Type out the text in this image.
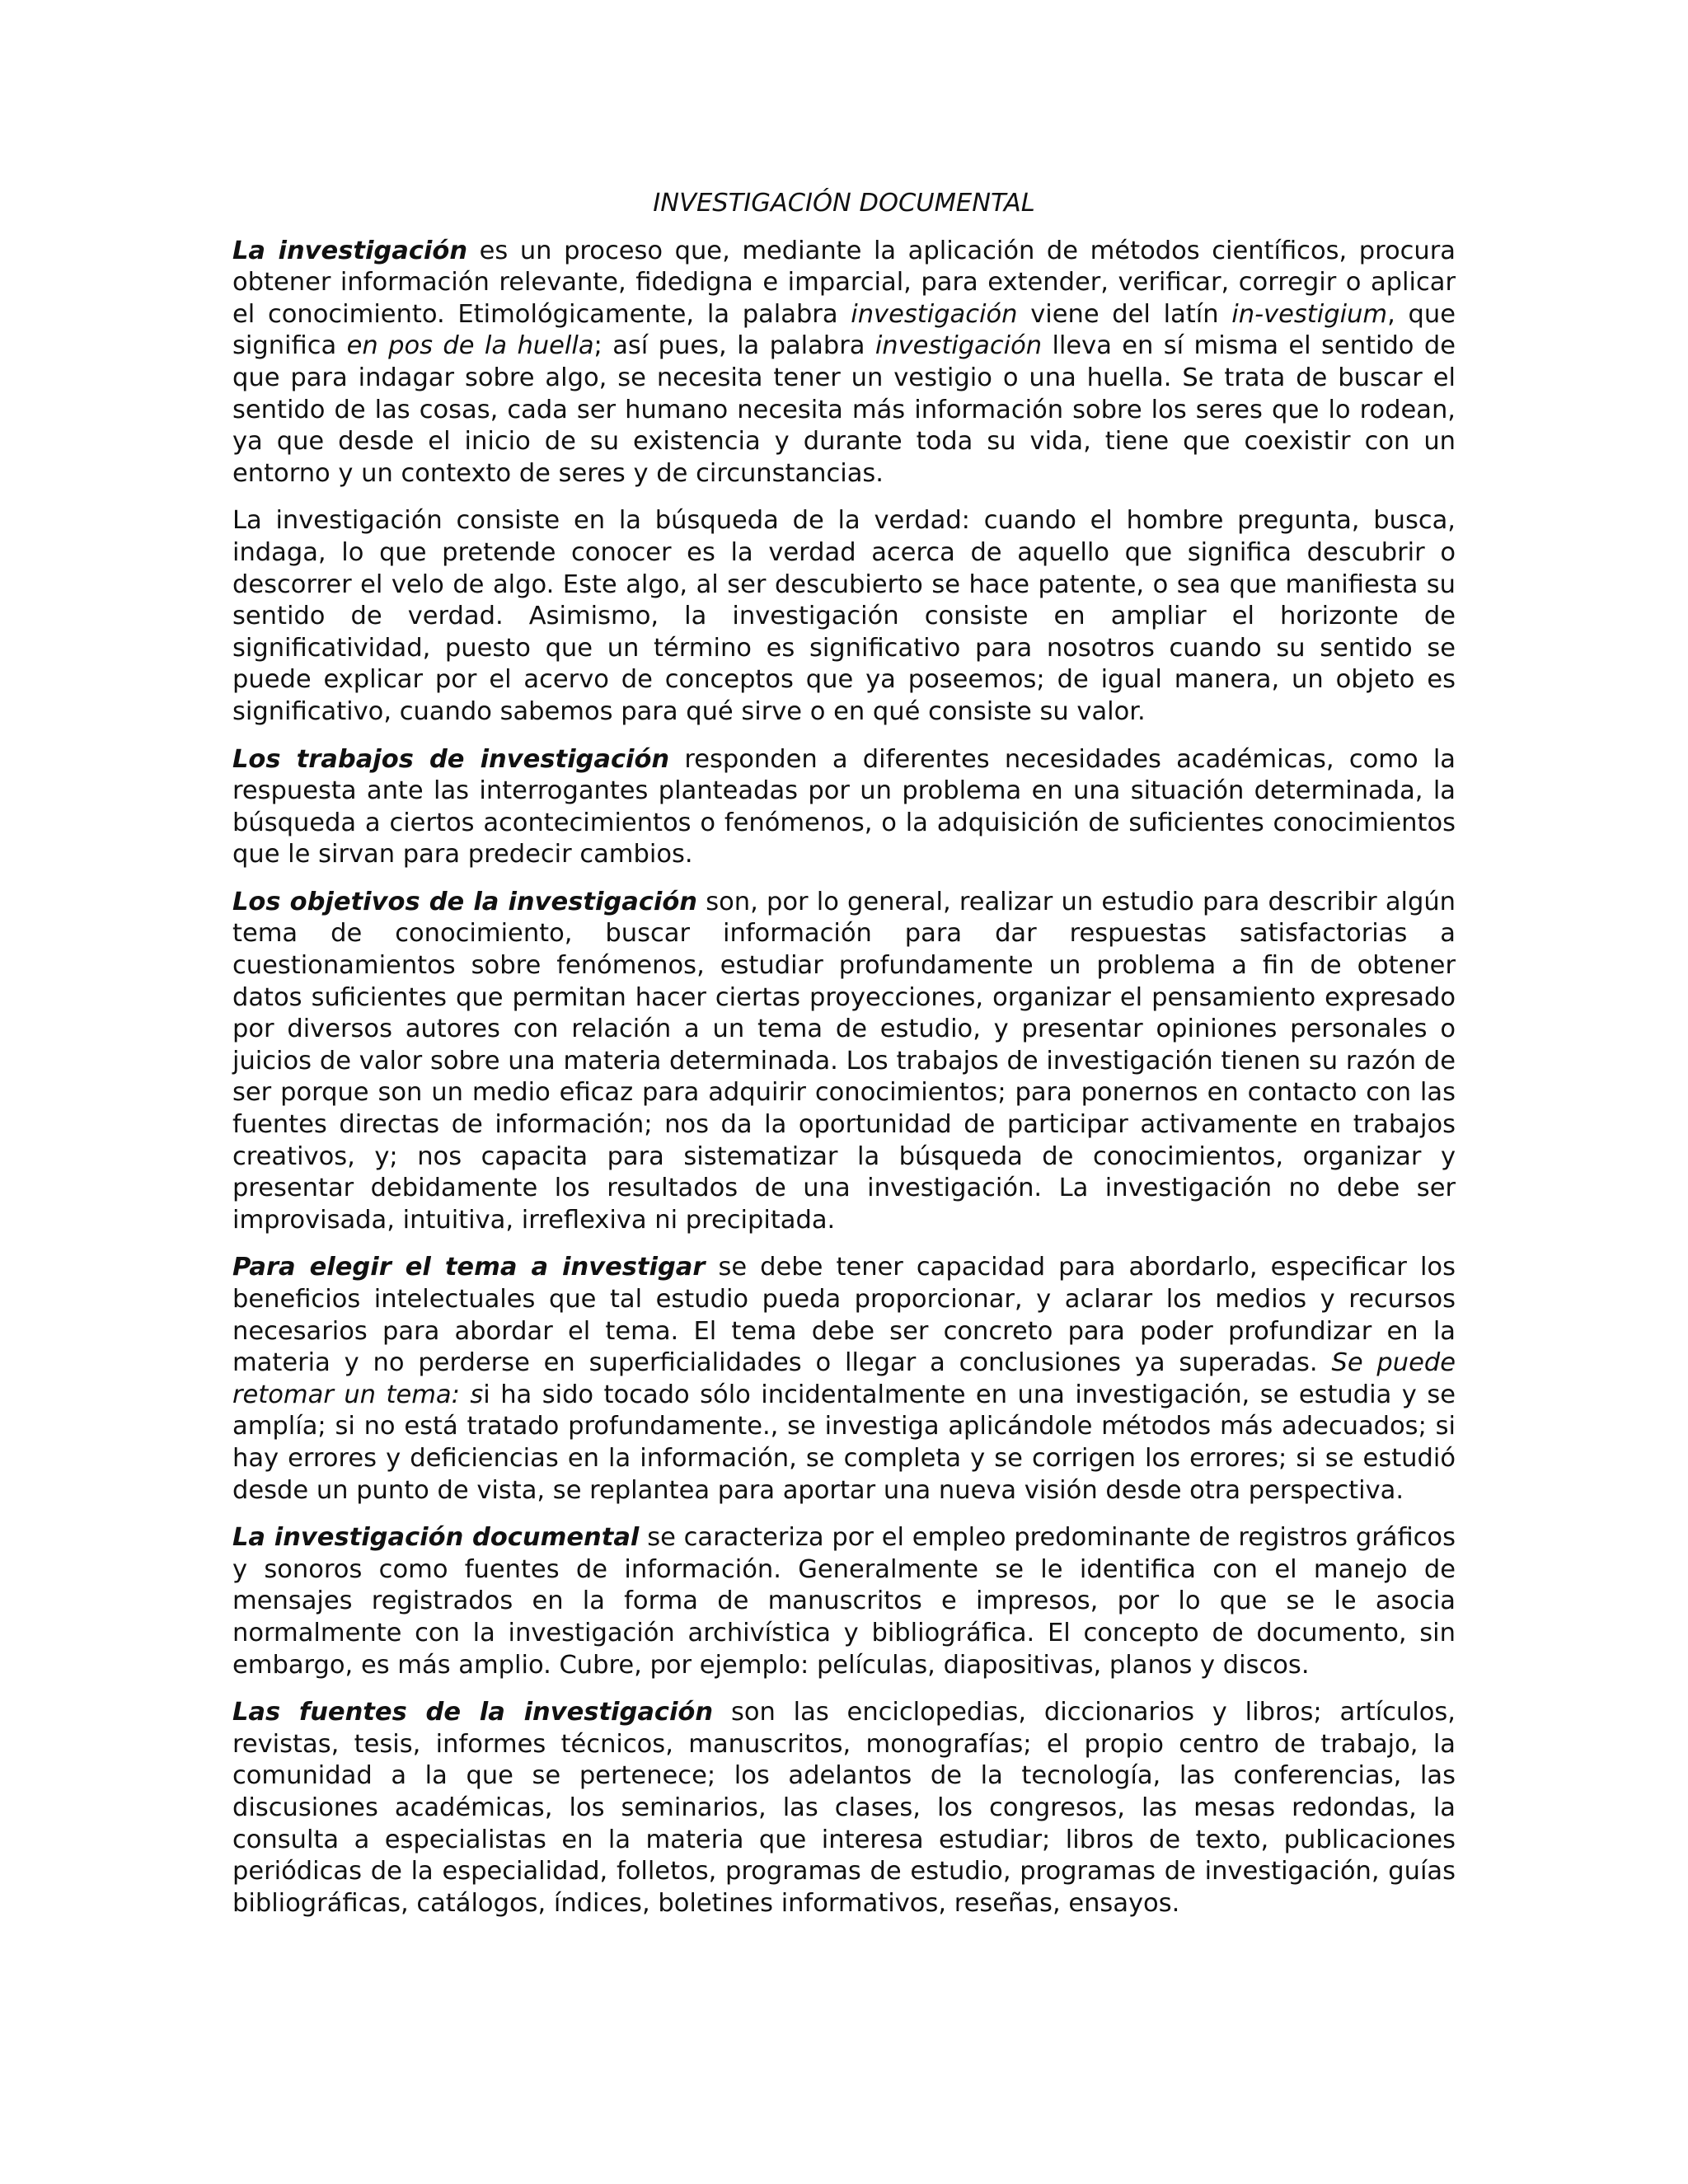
INVESTIGACIÓN DOCUMENTAL

La investigación es un proceso que, mediante la aplicación de métodos científicos, procura obtener información relevante, fidedigna e imparcial, para extender, verificar, corregir o aplicar el conocimiento. Etimológicamente, la palabra investigación viene del latín in-vestigium, que significa en pos de la huella; así pues, la palabra investigación lleva en sí misma el sentido de que para indagar sobre algo, se necesita tener un vestigio o una huella. Se trata de buscar el sentido de las cosas, cada ser humano necesita más información sobre los seres que lo rodean, ya que desde el inicio de su existencia y durante toda su vida, tiene que coexistir con un entorno y un contexto de seres y de circunstancias.

La investigación consiste en la búsqueda de la verdad: cuando el hombre pregunta, busca, indaga, lo que pretende conocer es la verdad acerca de aquello que significa descubrir o descorrer el velo de algo. Este algo, al ser descubierto se hace patente, o sea que manifiesta su sentido de verdad. Asimismo, la investigación consiste en ampliar el horizonte de significatividad, puesto que un término es significativo para nosotros cuando su sentido se puede explicar por el acervo de conceptos que ya poseemos; de igual manera, un objeto es significativo, cuando sabemos para qué sirve o en qué consiste su valor.

Los trabajos de investigación responden a diferentes necesidades académicas, como la respuesta ante las interrogantes planteadas por un problema en una situación determinada, la búsqueda a ciertos acontecimientos o fenómenos, o la adquisición de suficientes conocimientos que le sirvan para predecir cambios.

Los objetivos de la investigación son, por lo general, realizar un estudio para describir algún tema de conocimiento, buscar información para dar respuestas satisfactorias a cuestionamientos sobre fenómenos, estudiar profundamente un problema a fin de obtener datos suficientes que permitan hacer ciertas proyecciones, organizar el pensamiento expresado por diversos autores con relación a un tema de estudio, y presentar opiniones personales o juicios de valor sobre una materia determinada. Los trabajos de investigación tienen su razón de ser porque son un medio eficaz para adquirir conocimientos; para ponernos en contacto con las fuentes directas de información; nos da la oportunidad de participar activamente en trabajos creativos, y; nos capacita para sistematizar la búsqueda de conocimientos, organizar y presentar debidamente los resultados de una investigación. La investigación no debe ser improvisada, intuitiva, irreflexiva ni precipitada.

Para elegir el tema a investigar se debe tener capacidad para abordarlo, especificar los beneficios intelectuales que tal estudio pueda proporcionar, y aclarar los medios y recursos necesarios para abordar el tema. El tema debe ser concreto para poder profundizar en la materia y no perderse en superficialidades o llegar a conclusiones ya superadas. Se puede retomar un tema: si ha sido tocado sólo incidentalmente en una investigación, se estudia y se amplía; si no está tratado profundamente., se investiga aplicándole métodos más adecuados; si hay errores y deficiencias en la información, se completa y se corrigen los errores; si se estudió desde un punto de vista, se replantea para aportar una nueva visión desde otra perspectiva.

La investigación documental se caracteriza por el empleo predominante de registros gráficos y sonoros como fuentes de información. Generalmente se le identifica con el manejo de mensajes registrados en la forma de manuscritos e impresos, por lo que se le asocia normalmente con la investigación archivística y bibliográfica. El concepto de documento, sin embargo, es más amplio. Cubre, por ejemplo: películas, diapositivas, planos y discos.

Las fuentes de la investigación son las enciclopedias, diccionarios y libros; artículos, revistas, tesis, informes técnicos, manuscritos, monografías; el propio centro de trabajo, la comunidad a la que se pertenece; los adelantos de la tecnología, las conferencias, las discusiones académicas, los seminarios, las clases, los congresos, las mesas redondas, la consulta a especialistas en la materia que interesa estudiar; libros de texto, publicaciones periódicas de la especialidad, folletos, programas de estudio, programas de investigación, guías bibliográficas, catálogos, índices, boletines informativos, reseñas, ensayos.
